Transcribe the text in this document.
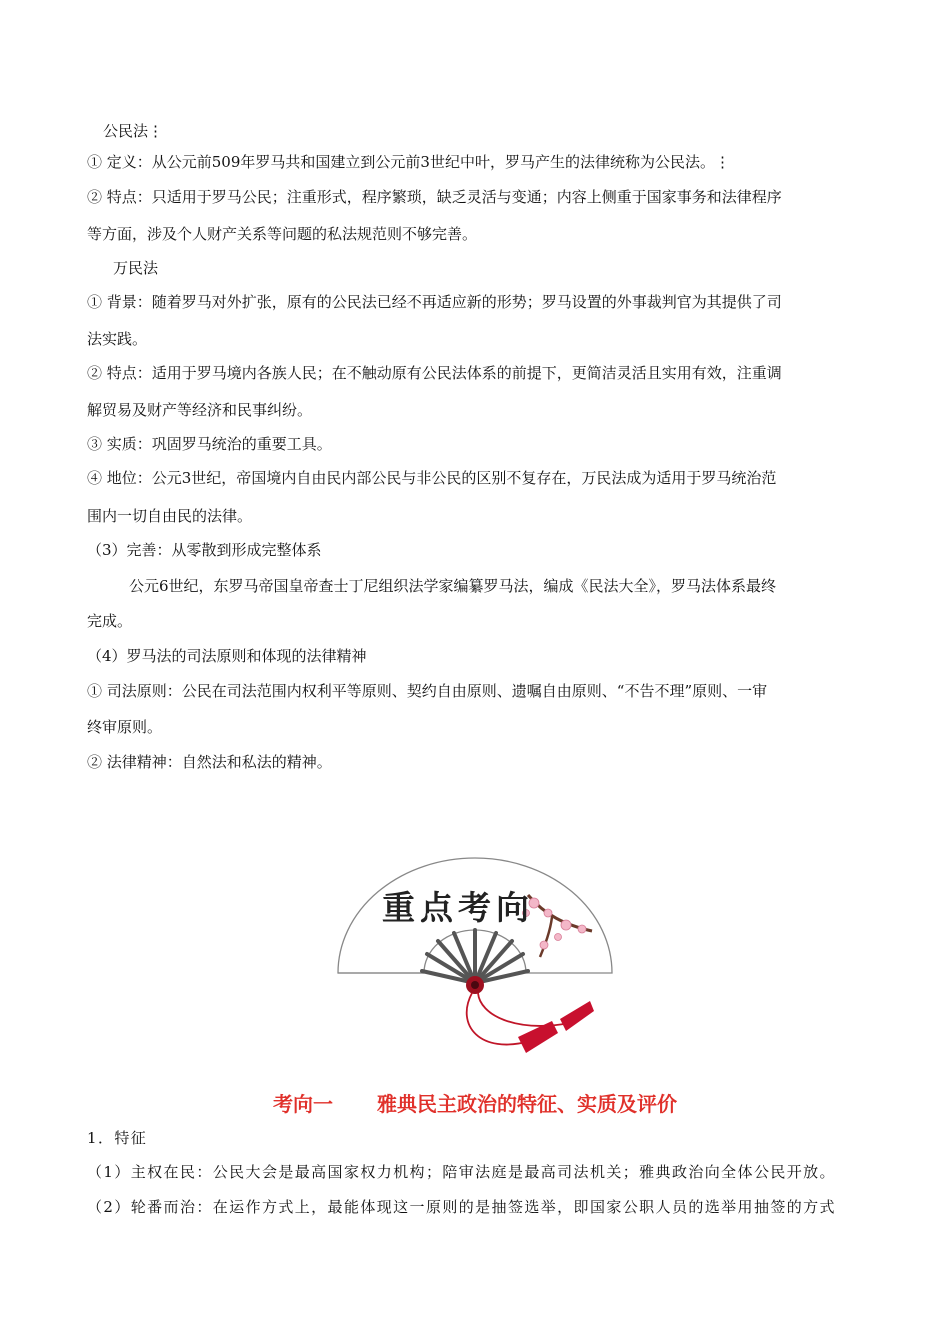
公民法⋮
① 定义：从公元前509年罗马共和国建立到公元前3世纪中叶，罗马产生的法律统称为公民法。⋮
② 特点：只适用于罗马公民；注重形式，程序繁琐，缺乏灵活与变通；内容上侧重于国家事务和法律程序
等方面，涉及个人财产关系等问题的私法规范则不够完善。
万民法
① 背景：随着罗马对外扩张，原有的公民法已经不再适应新的形势；罗马设置的外事裁判官为其提供了司
法实践。
② 特点：适用于罗马境内各族人民；在不触动原有公民法体系的前提下，更简洁灵活且实用有效，注重调
解贸易及财产等经济和民事纠纷。
③ 实质：巩固罗马统治的重要工具。
④ 地位：公元3世纪，帝国境内自由民内部公民与非公民的区别不复存在，万民法成为适用于罗马统治范
围内一切自由民的法律。
（3）完善：从零散到形成完整体系
公元6世纪，东罗马帝国皇帝查士丁尼组织法学家编纂罗马法，编成《民法大全》，罗马法体系最终
完成。
（4）罗马法的司法原则和体现的法律精神
① 司法原则：公民在司法范围内权利平等原则、契约自由原则、遗嘱自由原则、“不告不理”原则、一审
终审原则。
② 法律精神：自然法和私法的精神。
重点考向
考向一 雅典民主政治的特征、实质及评价
1．特征
（1）主权在民：公民大会是最高国家权力机构；陪审法庭是最高司法机关；雅典政治向全体公民开放。
（2）轮番而治：在运作方式上，最能体现这一原则的是抽签选举，即国家公职人员的选举用抽签的方式
